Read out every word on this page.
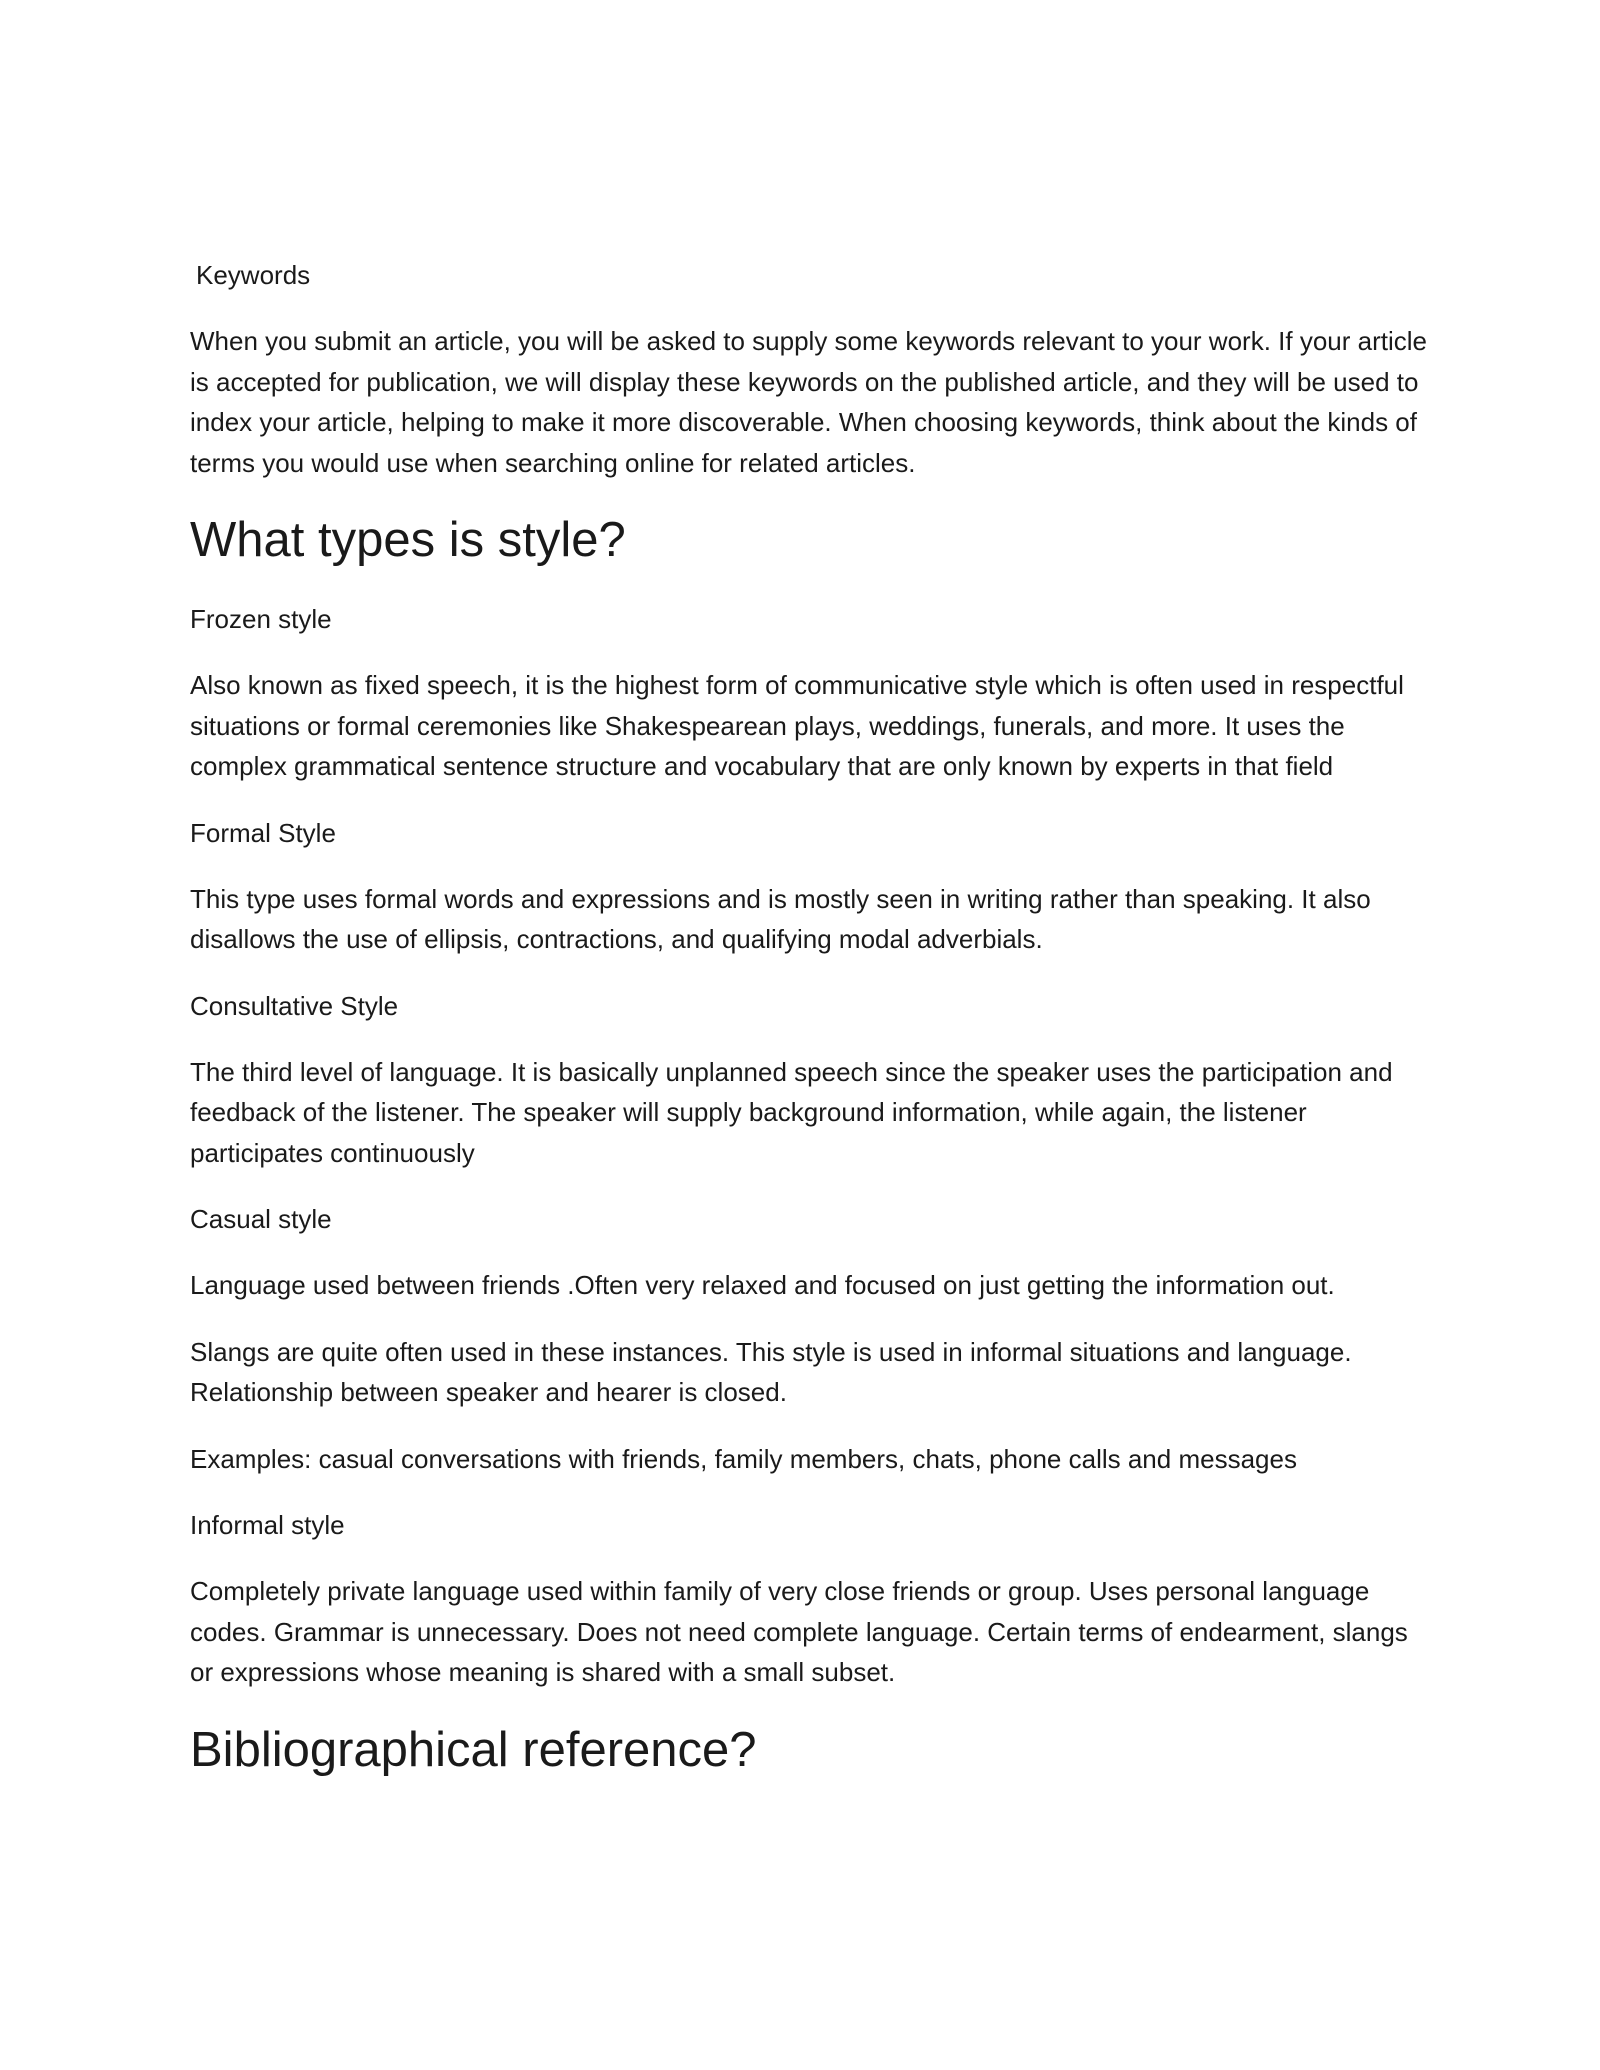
Keywords

When you submit an article, you will be asked to supply some keywords relevant to your work. If your article is accepted for publication, we will display these keywords on the published article, and they will be used to index your article, helping to make it more discoverable. When choosing keywords, think about the kinds of terms you would use when searching online for related articles.

What types is style?

Frozen style

Also known as fixed speech, it is the highest form of communicative style which is often used in respectful situations or formal ceremonies like Shakespearean plays, weddings, funerals, and more. It uses the complex grammatical sentence structure and vocabulary that are only known by experts in that field

Formal Style

This type uses formal words and expressions and is mostly seen in writing rather than speaking. It also disallows the use of ellipsis, contractions, and qualifying modal adverbials.

Consultative Style

The third level of language. It is basically unplanned speech since the speaker uses the participation and feedback of the listener. The speaker will supply background information, while again, the listener participates continuously

Casual style

Language used between friends .Often very relaxed and focused on just getting the information out.

Slangs are quite often used in these instances. This style is used in informal situations and language. Relationship between speaker and hearer is closed.

Examples: casual conversations with friends, family members, chats, phone calls and messages

Informal style

Completely private language used within family of very close friends or group. Uses personal language codes. Grammar is unnecessary. Does not need complete language. Certain terms of endearment, slangs or expressions whose meaning is shared with a small subset.

Bibliographical reference?
